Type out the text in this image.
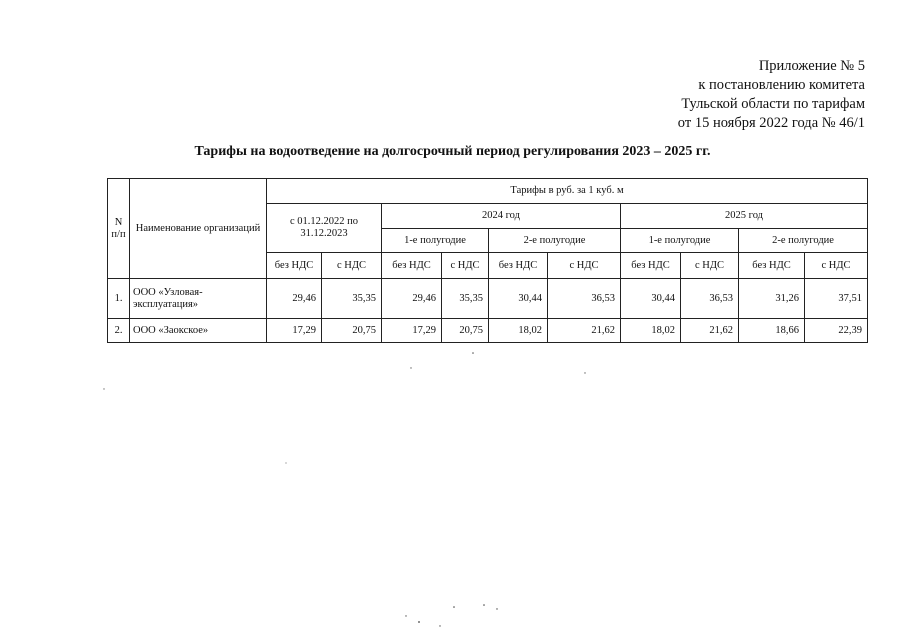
Приложение № 5
к постановлению комитета
Тульской области по тарифам
от 15 ноября 2022 года № 46/1
Тарифы на водоотведение на долгосрочный период регулирования 2023 – 2025 гг.
N п/п	Наименование организаций	Тарифы в руб. за 1 куб. м									
		с 01.12.2022 по 31.12.2023		2024 год				2025 год			
				1-е полугодие		2-е полугодие		1-е полугодие		2-е полугодие	
		без НДС	с НДС	без НДС	с НДС	без НДС	с НДС	без НДС	с НДС	без НДС	с НДС
1.	ООО «Узловая-эксплуатация»	29,46	35,35	29,46	35,35	30,44	36,53	30,44	36,53	31,26	37,51
2.	ООО «Заокское»	17,29	20,75	17,29	20,75	18,02	21,62	18,02	21,62	18,66	22,39
